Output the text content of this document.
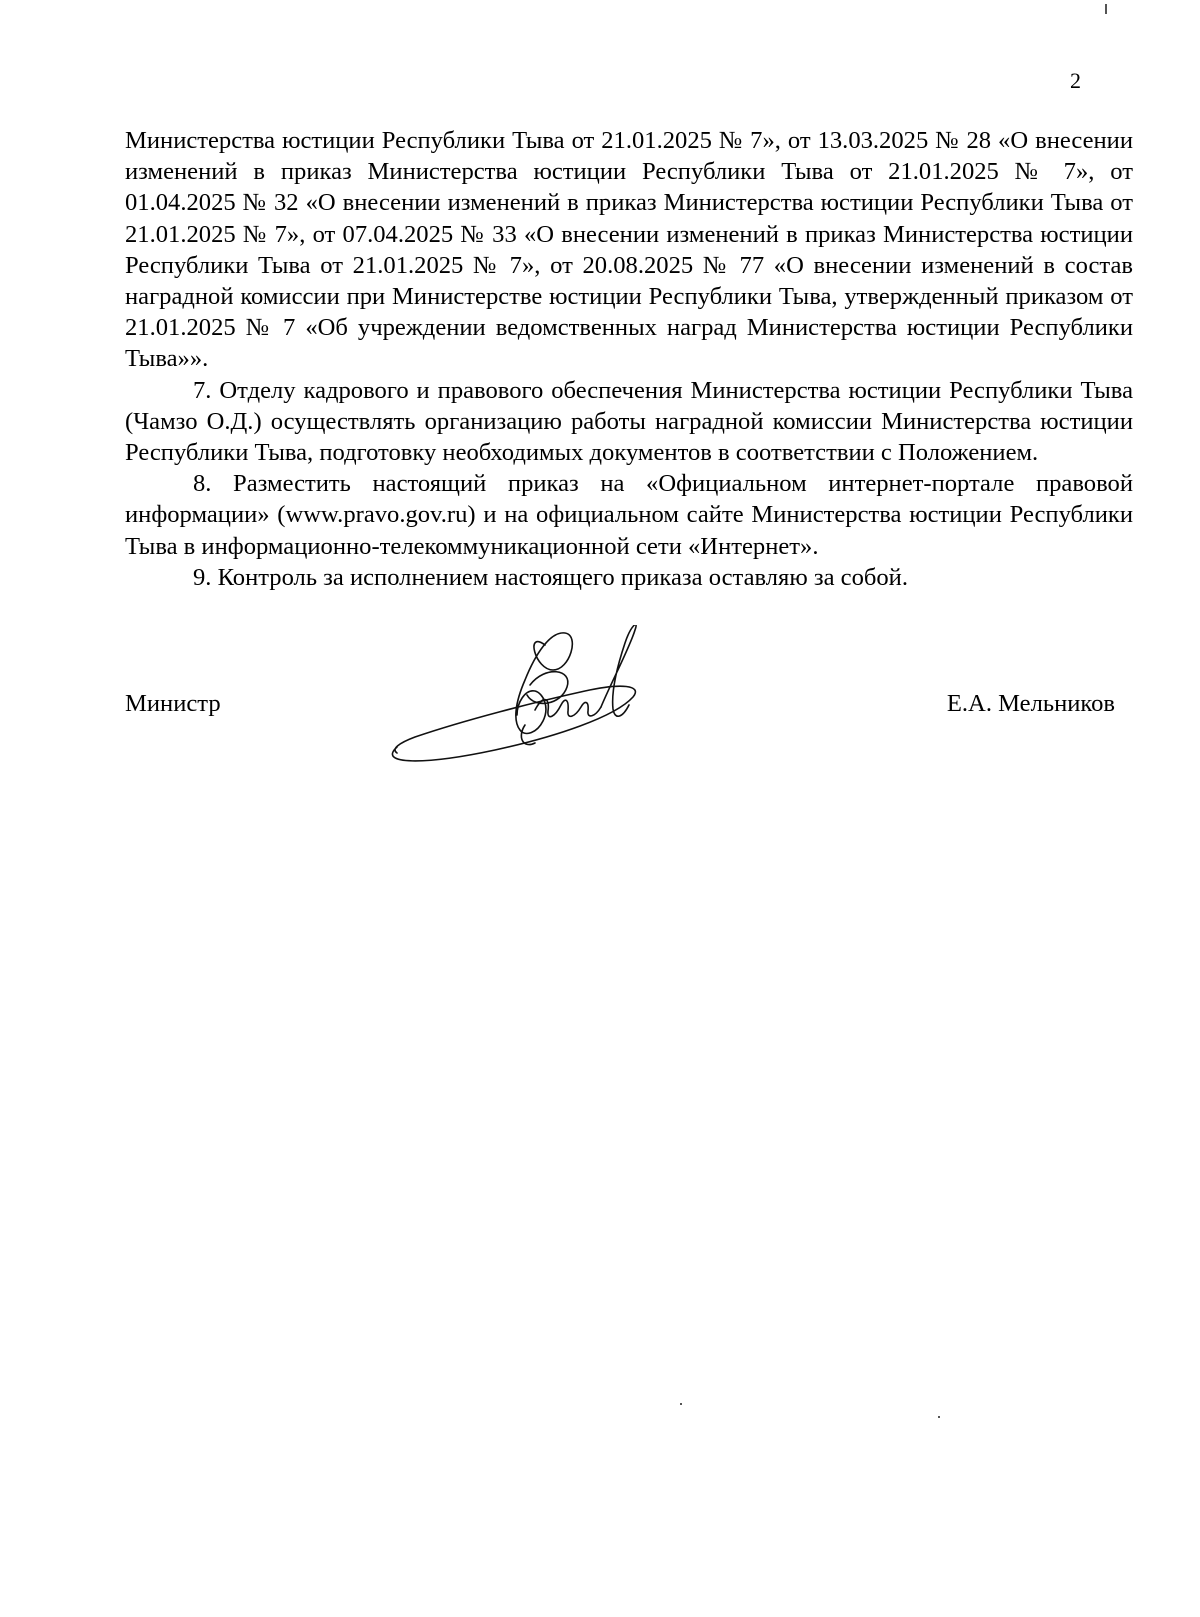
2

Министерства юстиции Республики Тыва от 21.01.2025 № 7», от 13.03.2025 № 28 «О внесении изменений в приказ Министерства юстиции Республики Тыва от 21.01.2025 № 7», от 01.04.2025 № 32 «О внесении изменений в приказ Министерства юстиции Республики Тыва от 21.01.2025 № 7», от 07.04.2025 № 33 «О внесении изменений в приказ Министерства юстиции Республики Тыва от 21.01.2025 № 7», от 20.08.2025 № 77 «О внесении изменений в состав наградной комиссии при Министерстве юстиции Республики Тыва, утвержденный приказом от 21.01.2025 № 7 «Об учреждении ведомственных наград Министерства юстиции Республики Тыва»».

7. Отделу кадрового и правового обеспечения Министерства юстиции Республики Тыва (Чамзо О.Д.) осуществлять организацию работы наградной комиссии Министерства юстиции Республики Тыва, подготовку необходимых документов в соответствии с Положением.

8. Разместить настоящий приказ на «Официальном интернет-портале правовой информации» (www.pravo.gov.ru) и на официальном сайте Министерства юстиции Республики Тыва в информационно-телекоммуникационной сети «Интернет».

9. Контроль за исполнением настоящего приказа оставляю за собой.

Министр	Е.А. Мельников
